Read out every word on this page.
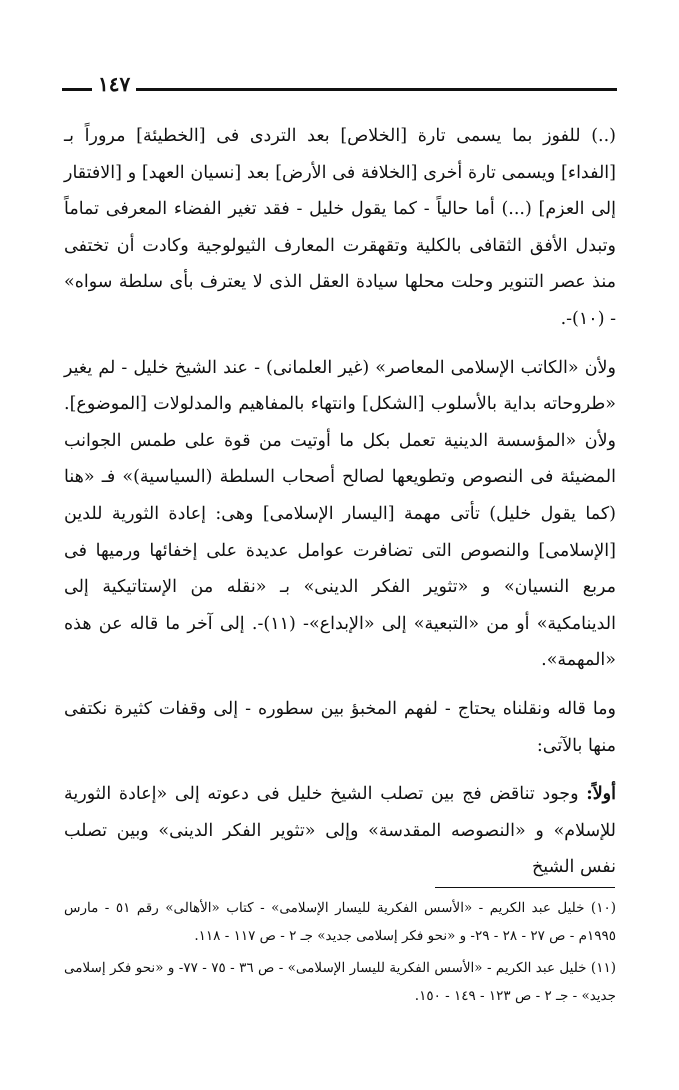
١٤٧

(..) للفوز بما يسمى تارة [الخلاص] بعد التردى فى [الخطيئة] مروراً بـ [الفداء] ويسمى تارة أخرى [الخلافة فى الأرض] بعد [نسيان العهد] و [الافتقار إلى العزم] (...) أما حالياً - كما يقول خليل - فقد تغير الفضاء المعرفى تماماً وتبدل الأفق الثقافى بالكلية وتقهقرت المعارف الثيولوجية وكادت أن تختفى منذ عصر التنوير وحلت محلها سيادة العقل الذى لا يعترف بأى سلطة سواه» - (١٠)-.

ولأن «الكاتب الإسلامى المعاصر» (غير العلمانى) - عند الشيخ خليل - لم يغير «طروحاته بداية بالأسلوب [الشكل] وانتهاء بالمفاهيم والمدلولات [الموضوع]. ولأن «المؤسسة الدينية تعمل بكل ما أوتيت من قوة على طمس الجوانب المضيئة فى النصوص وتطويعها لصالح أصحاب السلطة (السياسية)» فـ «هنا (كما يقول خليل) تأتى مهمة [اليسار الإسلامى] وهى: إعادة الثورية للدين [الإسلامى] والنصوص التى تضافرت عوامل عديدة على إخفائها ورميها فى مربع النسيان» و «تثوير الفكر الدينى» بـ «نقله من الإستاتيكية إلى الدينامكية» أو من «التبعية» إلى «الإبداع»- (١١)-. إلى آخر ما قاله عن هذه «المهمة».

وما قاله ونقلناه يحتاج - لفهم المخبؤ بين سطوره - إلى وقفات كثيرة نكتفى منها بالآتى:

أولاً: وجود تناقض فج بين تصلب الشيخ خليل فى دعوته إلى «إعادة الثورية للإسلام» و «النصوصه المقدسة» وإلى «تثوير الفكر الدينى» وبين تصلب نفس الشيخ

(١٠) خليل عبد الكريم - «الأسس الفكرية لليسار الإسلامى» - كتاب «الأهالى» رقم ٥١ - مارس ١٩٩٥م - ص ٢٧ - ٢٨ - ٢٩- و «نحو فكر إسلامى جديد» جـ ٢ - ص ١١٧ - ١١٨.

(١١) خليل عبد الكريم - «الأسس الفكرية لليسار الإسلامى» - ص ٣٦ - ٧٥ - ٧٧- و «نحو فكر إسلامى جديد» - جـ ٢ - ص ١٢٣ - ١٤٩ - ١٥٠.
